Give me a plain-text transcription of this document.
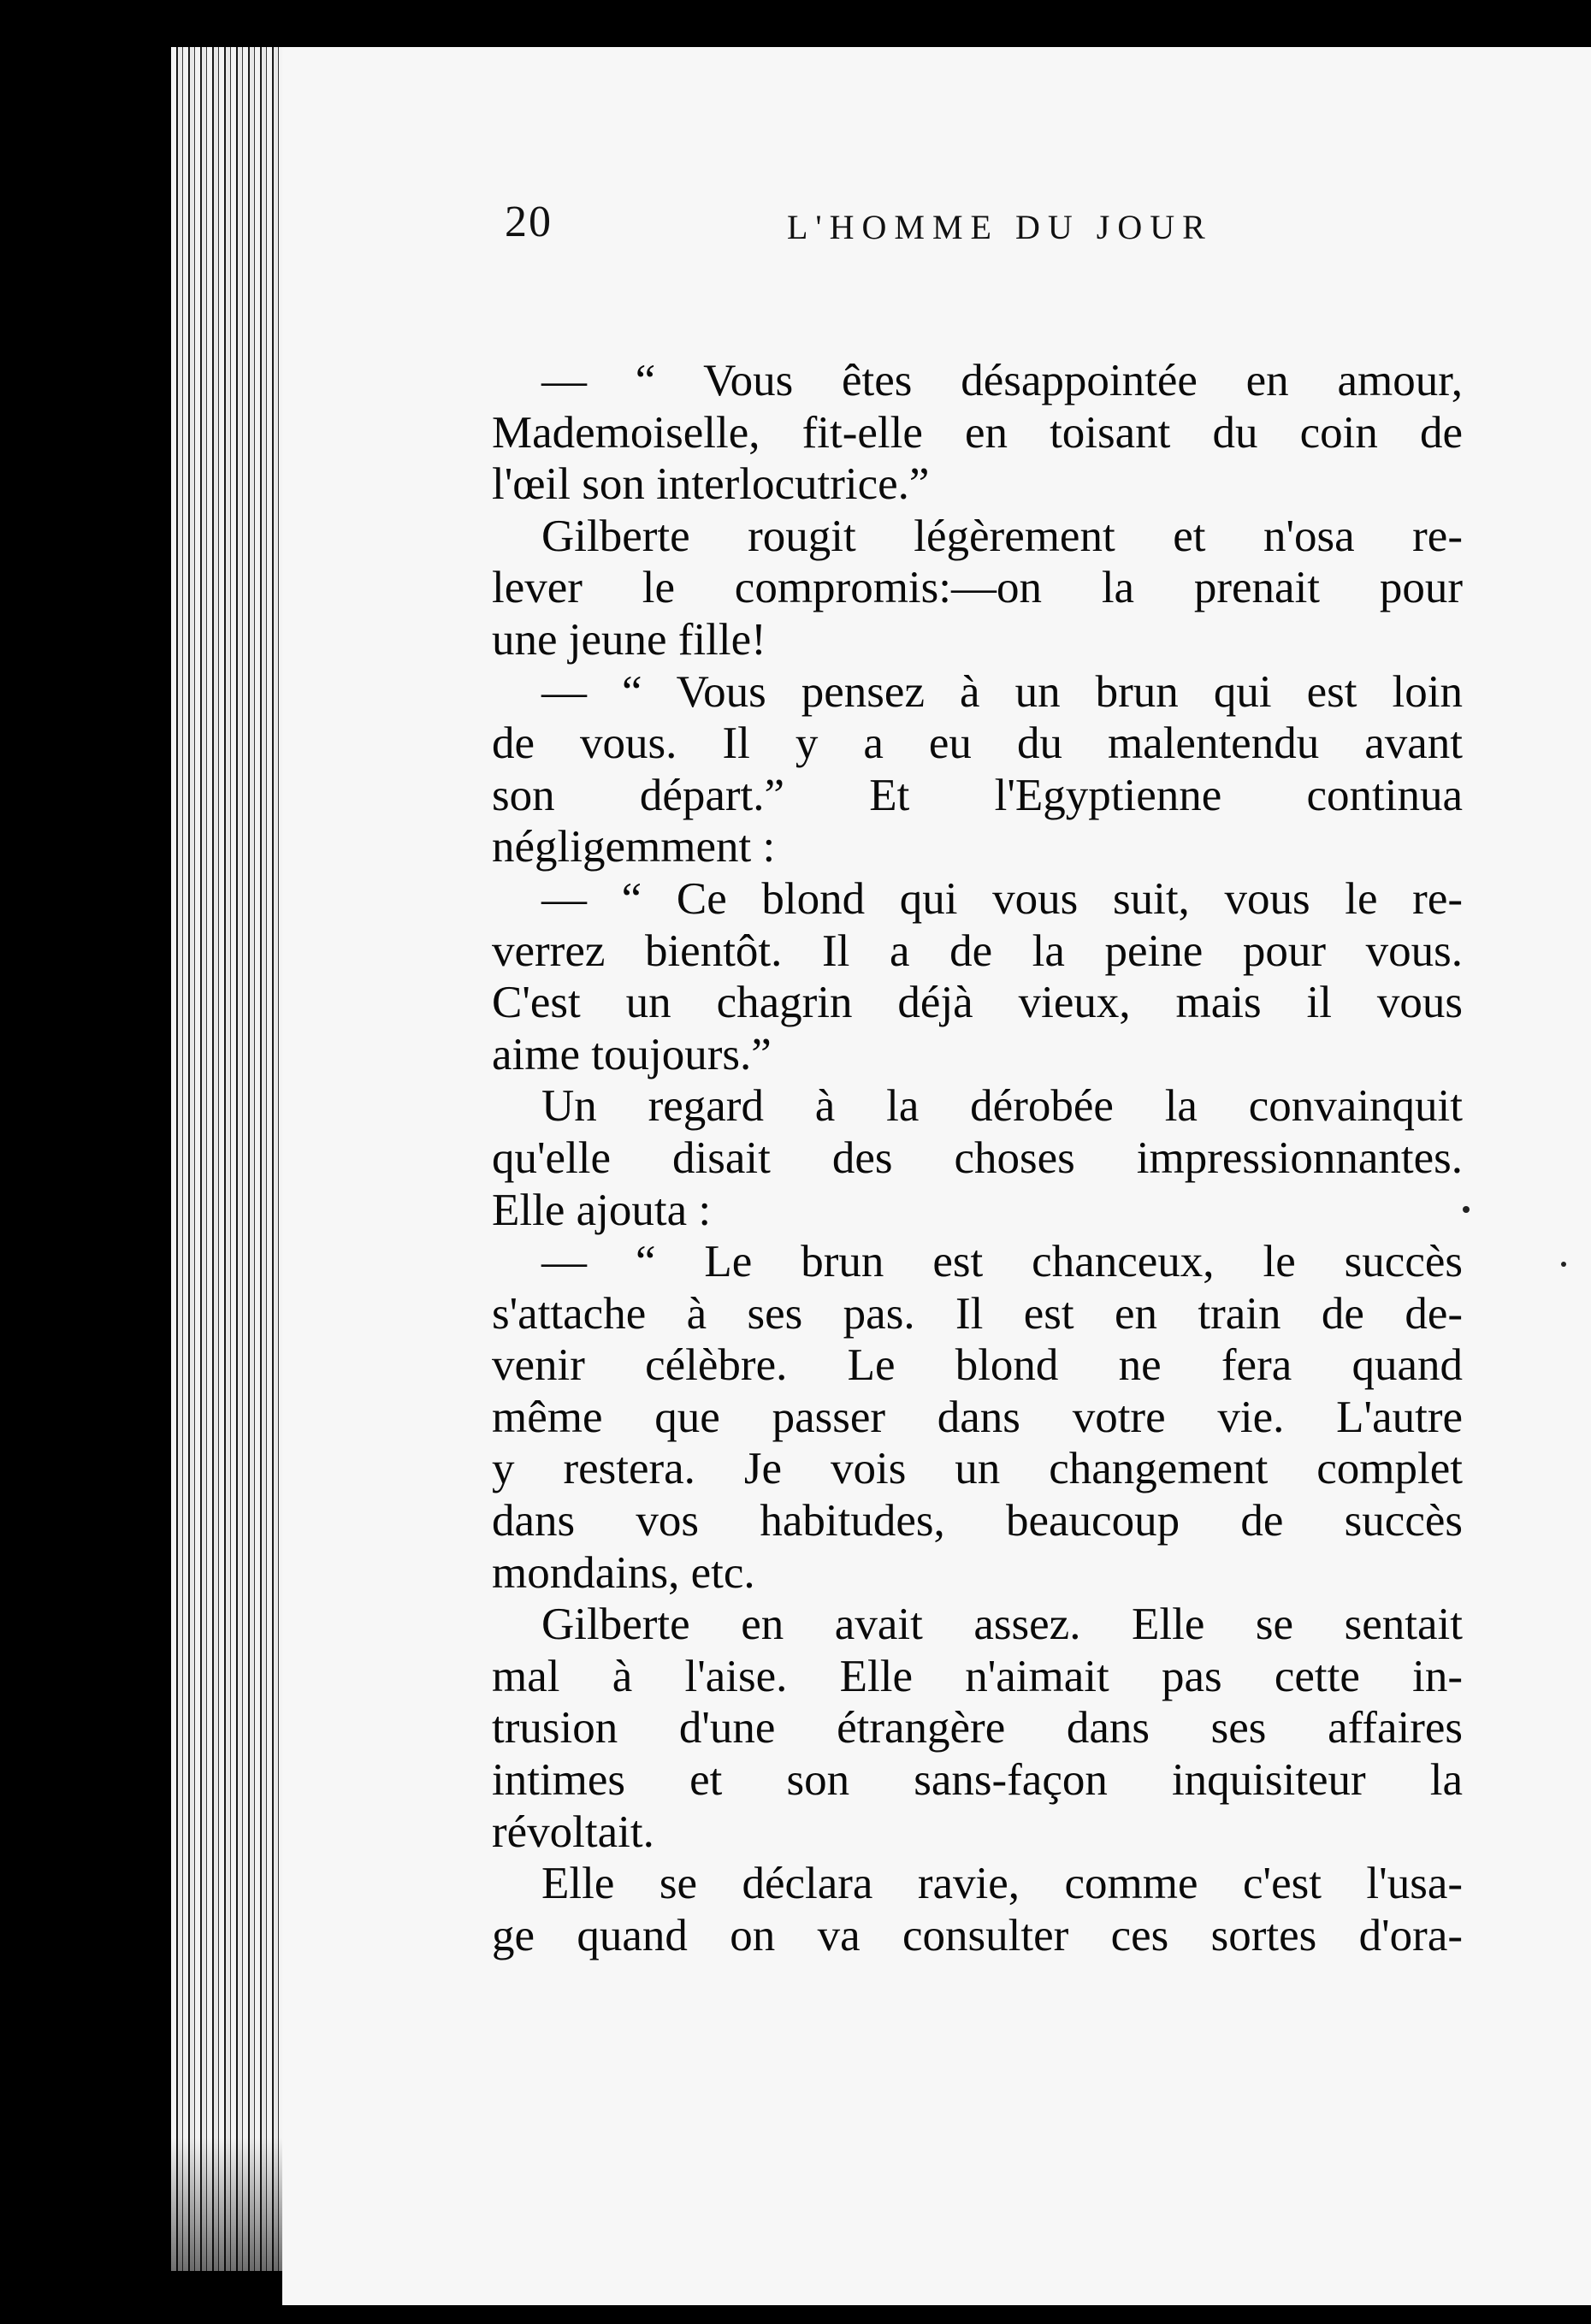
20	L'HOMME DU JOUR
— “ Vous êtes désappointée en amour,
Mademoiselle, fit-elle en toisant du coin de
l'œil son interlocutrice.”
Gilberte rougit légèrement et n'osa re-
lever le compromis:—on la prenait pour
une jeune fille!
— “ Vous pensez à un brun qui est loin
de vous. Il y a eu du malentendu avant
son départ.” Et l'Egyptienne continua
négligemment :
— “ Ce blond qui vous suit, vous le re-
verrez bientôt. Il a de la peine pour vous.
C'est un chagrin déjà vieux, mais il vous
aime toujours.”
Un regard à la dérobée la convainquit
qu'elle disait des choses impressionnantes.
Elle ajouta :
— “ Le brun est chanceux, le succès
s'attache à ses pas. Il est en train de de-
venir célèbre. Le blond ne fera quand
même que passer dans votre vie. L'autre
y restera. Je vois un changement complet
dans vos habitudes, beaucoup de succès
mondains, etc.
Gilberte en avait assez. Elle se sentait
mal à l'aise. Elle n'aimait pas cette in-
trusion d'une étrangère dans ses affaires
intimes et son sans-façon inquisiteur la
révoltait.
Elle se déclara ravie, comme c'est l'usa-
ge quand on va consulter ces sortes d'ora-
